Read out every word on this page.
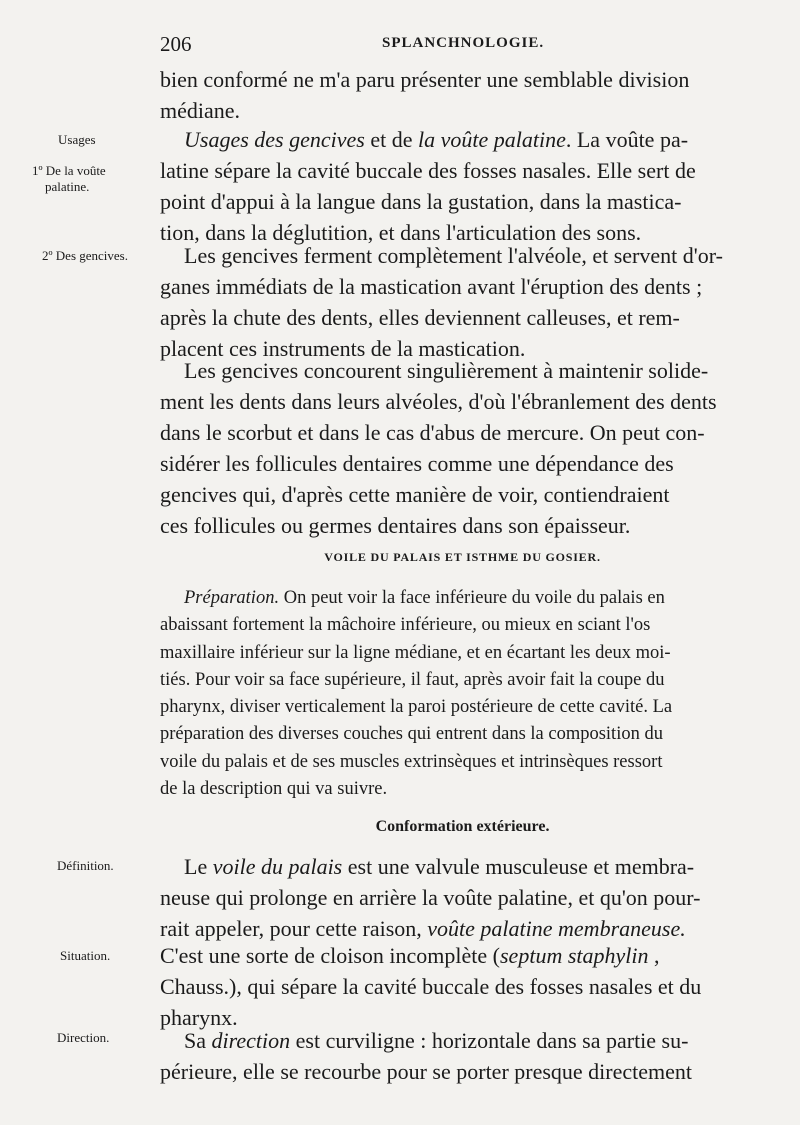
206	SPLANCHNOLOGIE.
Usages
1º De la voûte
palatine.
2º Des gencives.
Définition.
Situation.
Direction.
bien conformé ne m'a paru présenter une semblable division
médiane.
Usages des gencives et de la voûte palatine. La voûte pa-
latine sépare la cavité buccale des fosses nasales. Elle sert de
point d'appui à la langue dans la gustation, dans la mastica-
tion, dans la déglutition, et dans l'articulation des sons.
Les gencives ferment complètement l'alvéole, et servent d'or-
ganes immédiats de la mastication avant l'éruption des dents ;
après la chute des dents, elles deviennent calleuses, et rem-
placent ces instruments de la mastication.
Les gencives concourent singulièrement à maintenir solide-
ment les dents dans leurs alvéoles, d'où l'ébranlement des dents
dans le scorbut et dans le cas d'abus de mercure. On peut con-
sidérer les follicules dentaires comme une dépendance des
gencives qui, d'après cette manière de voir, contiendraient
ces follicules ou germes dentaires dans son épaisseur.
VOILE DU PALAIS ET ISTHME DU GOSIER.
Préparation. On peut voir la face inférieure du voile du palais en
abaissant fortement la mâchoire inférieure, ou mieux en sciant l'os
maxillaire inférieur sur la ligne médiane, et en écartant les deux moi-
tiés. Pour voir sa face supérieure, il faut, après avoir fait la coupe du
pharynx, diviser verticalement la paroi postérieure de cette cavité. La
préparation des diverses couches qui entrent dans la composition du
voile du palais et de ses muscles extrinsèques et intrinsèques ressort
de la description qui va suivre.
Conformation extérieure.
Le voile du palais est une valvule musculeuse et membra-
neuse qui prolonge en arrière la voûte palatine, et qu'on pour-
rait appeler, pour cette raison, voûte palatine membraneuse.
C'est une sorte de cloison incomplète (septum staphylin ,
Chauss.), qui sépare la cavité buccale des fosses nasales et du
pharynx.
Sa direction est curviligne : horizontale dans sa partie su-
périeure, elle se recourbe pour se porter presque directement
